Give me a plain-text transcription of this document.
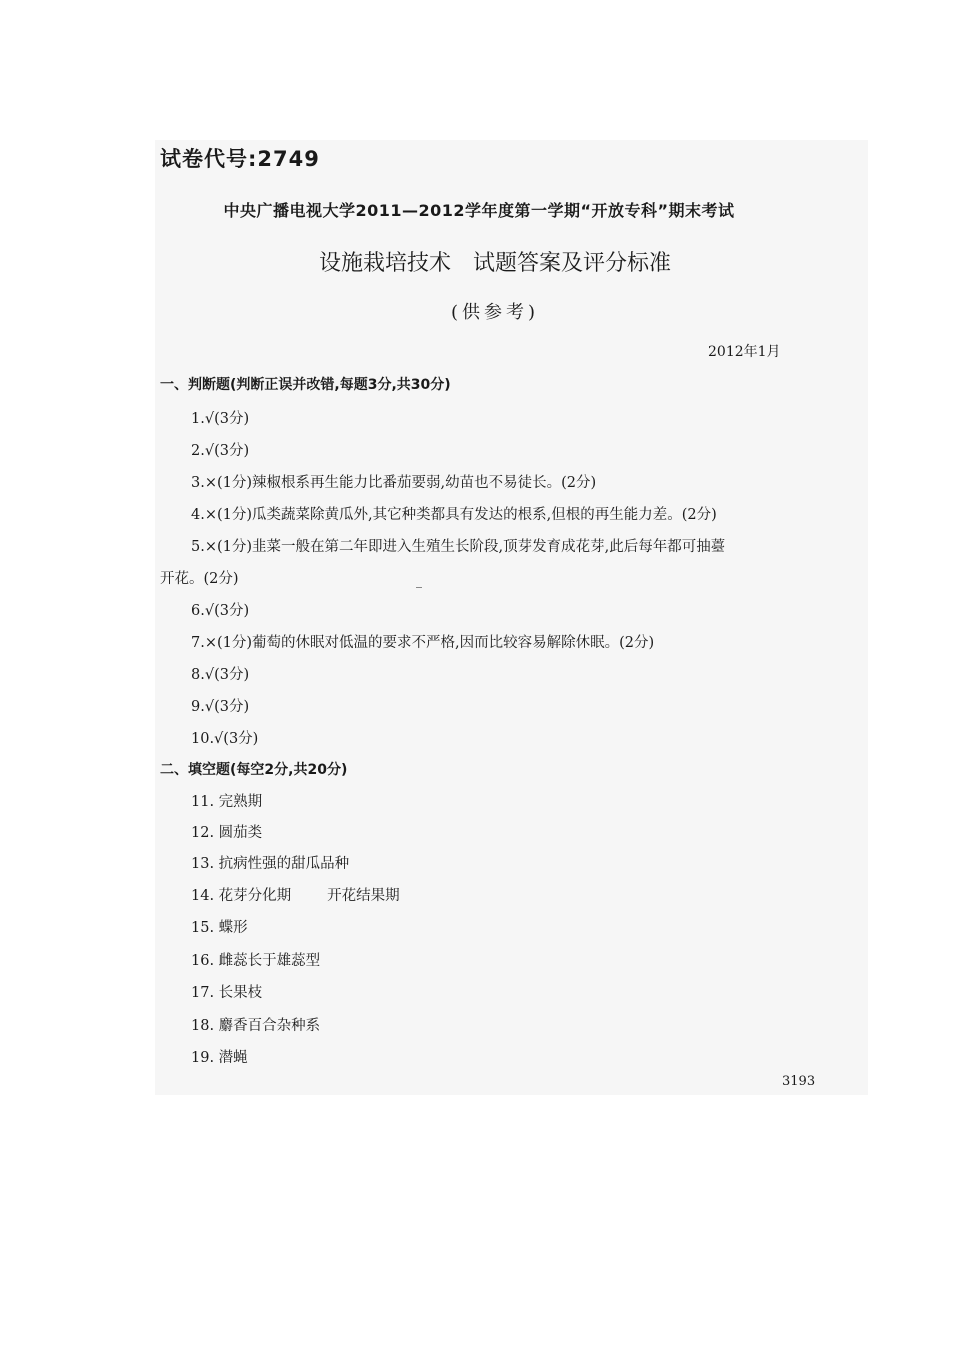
试卷代号:2749
中央广播电视大学2011—2012学年度第一学期“开放专科”期末考试
设施栽培技术　试题答案及评分标准
(供参考)
2012年1月
一、判断题(判断正误并改错,每题3分,共30分)
1.√(3分)
2.√(3分)
3.×(1分)辣椒根系再生能力比番茄要弱,幼苗也不易徒长。(2分)
4.×(1分)瓜类蔬菜除黄瓜外,其它种类都具有发达的根系,但根的再生能力差。(2分)
5.×(1分)韭菜一般在第二年即进入生殖生长阶段,顶芽发育成花芽,此后每年都可抽薹
开花。(2分)
6.√(3分)
7.×(1分)葡萄的休眠对低温的要求不严格,因而比较容易解除休眠。(2分)
8.√(3分)
9.√(3分)
10.√(3分)
二、填空题(每空2分,共20分)
11. 完熟期
12. 圆茄类
13. 抗病性强的甜瓜品种
14. 花芽分化期 开花结果期
15. 蝶形
16. 雌蕊长于雄蕊型
17. 长果枝
18. 麝香百合杂种系
19. 潜蝇
3193
